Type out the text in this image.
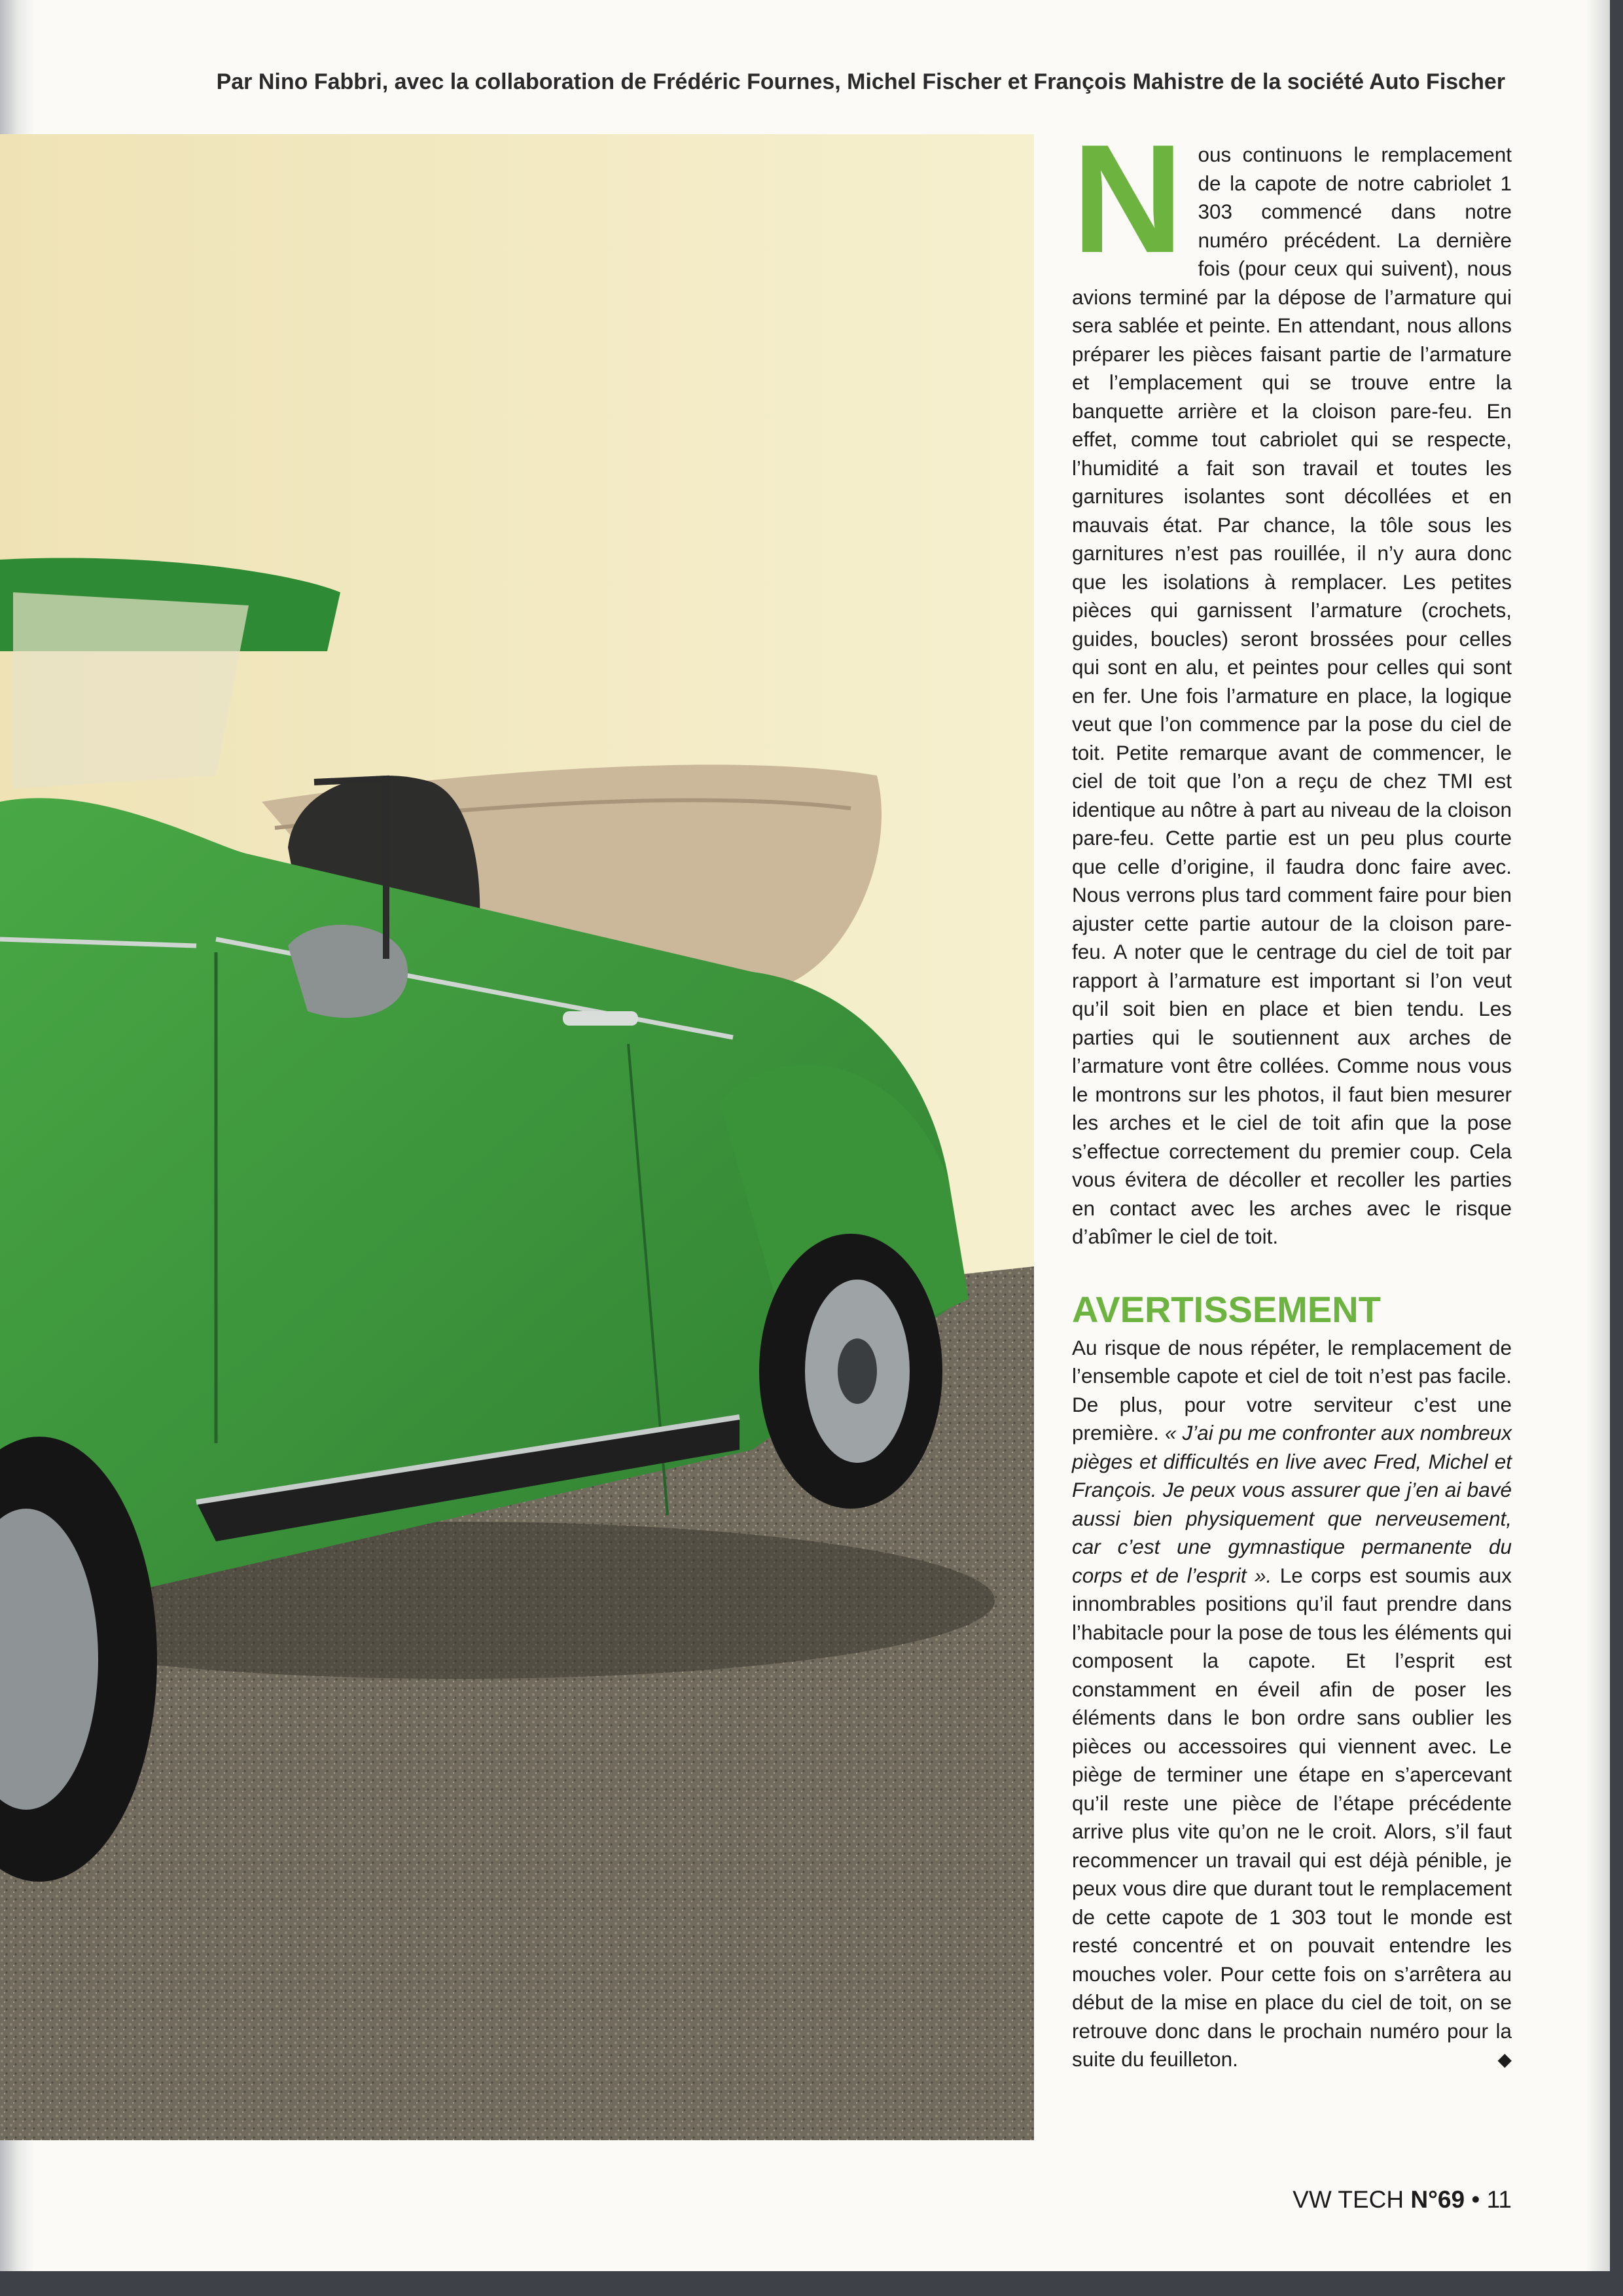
Par Nino Fabbri, avec la collaboration de Frédéric Fournes, Michel Fischer et François Mahistre de la société Auto Fischer
N ous continuons le remplacement de la capote de notre cabriolet 1 303 commencé dans notre numéro précédent. La dernière fois (pour ceux qui suivent), nous avions terminé par la dépose de l’armature qui sera sablée et peinte. En attendant, nous allons préparer les pièces faisant partie de l’armature et l’emplacement qui se trouve entre la banquette arrière et la cloison pare-feu. En effet, comme tout cabriolet qui se respecte, l’humidité a fait son travail et toutes les garnitures isolantes sont décollées et en mauvais état. Par chance, la tôle sous les garnitures n’est pas rouillée, il n’y aura donc que les isolations à remplacer. Les petites pièces qui garnissent l’armature (crochets, guides, boucles) seront brossées pour celles qui sont en alu, et peintes pour celles qui sont en fer. Une fois l’armature en place, la logique veut que l’on commence par la pose du ciel de toit. Petite remarque avant de commencer, le ciel de toit que l’on a reçu de chez TMI est identique au nôtre à part au niveau de la cloison pare-feu. Cette partie est un peu plus courte que celle d’origine, il faudra donc faire avec. Nous verrons plus tard comment faire pour bien ajuster cette partie autour de la cloison pare-feu. A noter que le centrage du ciel de toit par rapport à l’armature est important si l’on veut qu’il soit bien en place et bien tendu. Les parties qui le soutiennent aux arches de l’armature vont être collées. Comme nous vous le montrons sur les photos, il faut bien mesurer les arches et le ciel de toit afin que la pose s’effectue correctement du premier coup. Cela vous évitera de décoller et recoller les parties en contact avec les arches avec le risque d’abîmer le ciel de toit.

AVERTISSEMENT

Au risque de nous répéter, le remplacement de l’ensemble capote et ciel de toit n’est pas facile. De plus, pour votre serviteur c’est une première. « J’ai pu me confronter aux nombreux pièges et difficultés en live avec Fred, Michel et François. Je peux vous assurer que j’en ai bavé aussi bien physiquement que nerveusement, car c’est une gymnastique permanente du corps et de l’esprit ». Le corps est soumis aux innombrables positions qu’il faut prendre dans l’habitacle pour la pose de tous les éléments qui composent la capote. Et l’esprit est constamment en éveil afin de poser les éléments dans le bon ordre sans oublier les pièces ou accessoires qui viennent avec. Le piège de terminer une étape en s’apercevant qu’il reste une pièce de l’étape précédente arrive plus vite qu’on ne le croit. Alors, s’il faut recommencer un travail qui est déjà pénible, je peux vous dire que durant tout le remplacement de cette capote de 1 303 tout le monde est resté concentré et on pouvait entendre les mouches voler. Pour cette fois on s’arrêtera au début de la mise en place du ciel de toit, on se retrouve donc dans le prochain numéro pour la suite du feuilleton.	◆

VW TECH N°69 • 11
